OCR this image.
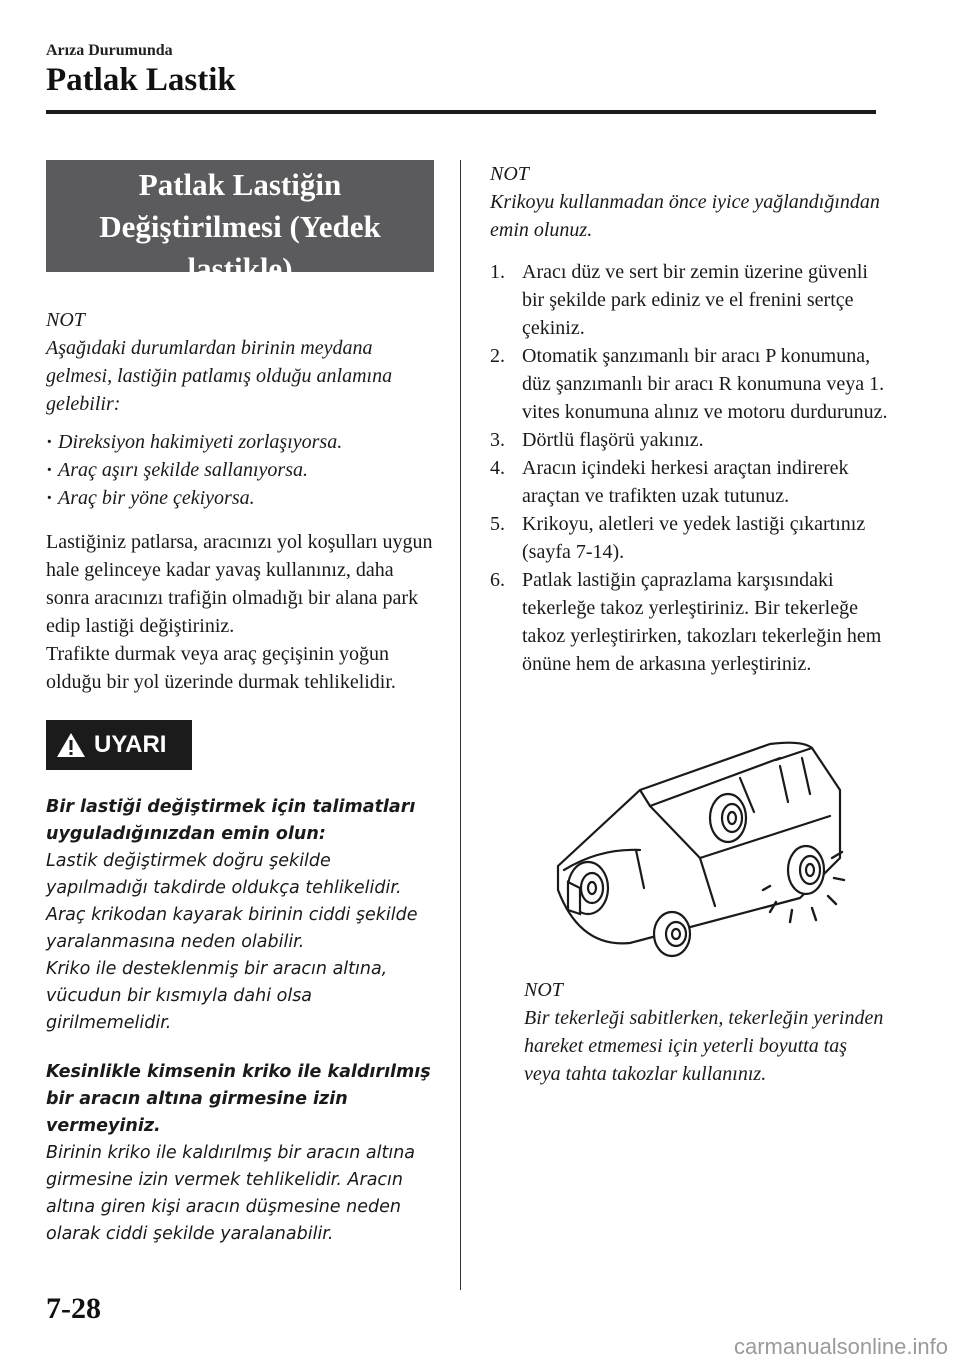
Arıza Durumunda
Patlak Lastik
Patlak Lastiğin
Değiştirilmesi (Yedek
lastikle)
NOT
Aşağıdaki durumlardan birinin meydana gelmesi, lastiğin patlamış olduğu anlamına gelebilir:
· Direksiyon hakimiyeti zorlaşıyorsa.
· Araç aşırı şekilde sallanıyorsa.
· Araç bir yöne çekiyorsa.
Lastiğiniz patlarsa, aracınızı yol koşulları uygun hale gelinceye kadar yavaş kullanınız, daha sonra aracınızı trafiğin olmadığı bir alana park edip lastiği değiştiriniz.
Trafikte durmak veya araç geçişinin yoğun olduğu bir yol üzerinde durmak tehlikelidir.
UYARI
Bir lastiği değiştirmek için talimatları uyguladığınızdan emin olun:
Lastik değiştirmek doğru şekilde yapılmadığı takdirde oldukça tehlikelidir. Araç krikodan kayarak birinin ciddi şekilde yaralanmasına neden olabilir.
Kriko ile desteklenmiş bir aracın altına, vücudun bir kısmıyla dahi olsa girilmemelidir.
Kesinlikle kimsenin kriko ile kaldırılmış bir aracın altına girmesine izin vermeyiniz.
Birinin kriko ile kaldırılmış bir aracın altına girmesine izin vermek tehlikelidir. Aracın altına giren kişi aracın düşmesine neden olarak ciddi şekilde yaralanabilir.
NOT
Krikoyu kullanmadan önce iyice yağlandığından emin olunuz.
1. Aracı düz ve sert bir zemin üzerine güvenli bir şekilde park ediniz ve el frenini sertçe çekiniz.
2. Otomatik şanzımanlı bir aracı P konumuna, düz şanzımanlı bir aracı R konumuna veya 1. vites konumuna alınız ve motoru durdurunuz.
3. Dörtlü flaşörü yakınız.
4. Aracın içindeki herkesi araçtan indirerek araçtan ve trafikten uzak tutunuz.
5. Krikoyu, aletleri ve yedek lastiği çıkartınız (sayfa 7-14).
6. Patlak lastiğin çaprazlama karşısındaki tekerleğe takoz yerleştiriniz. Bir tekerleğe takoz yerleştirirken, takozları tekerleğin hem önüne hem de arkasına yerleştiriniz.
NOT
Bir tekerleği sabitlerken, tekerleğin yerinden hareket etmemesi için yeterli boyutta taş veya tahta takozlar kullanınız.
7-28
carmanualsonline.info
